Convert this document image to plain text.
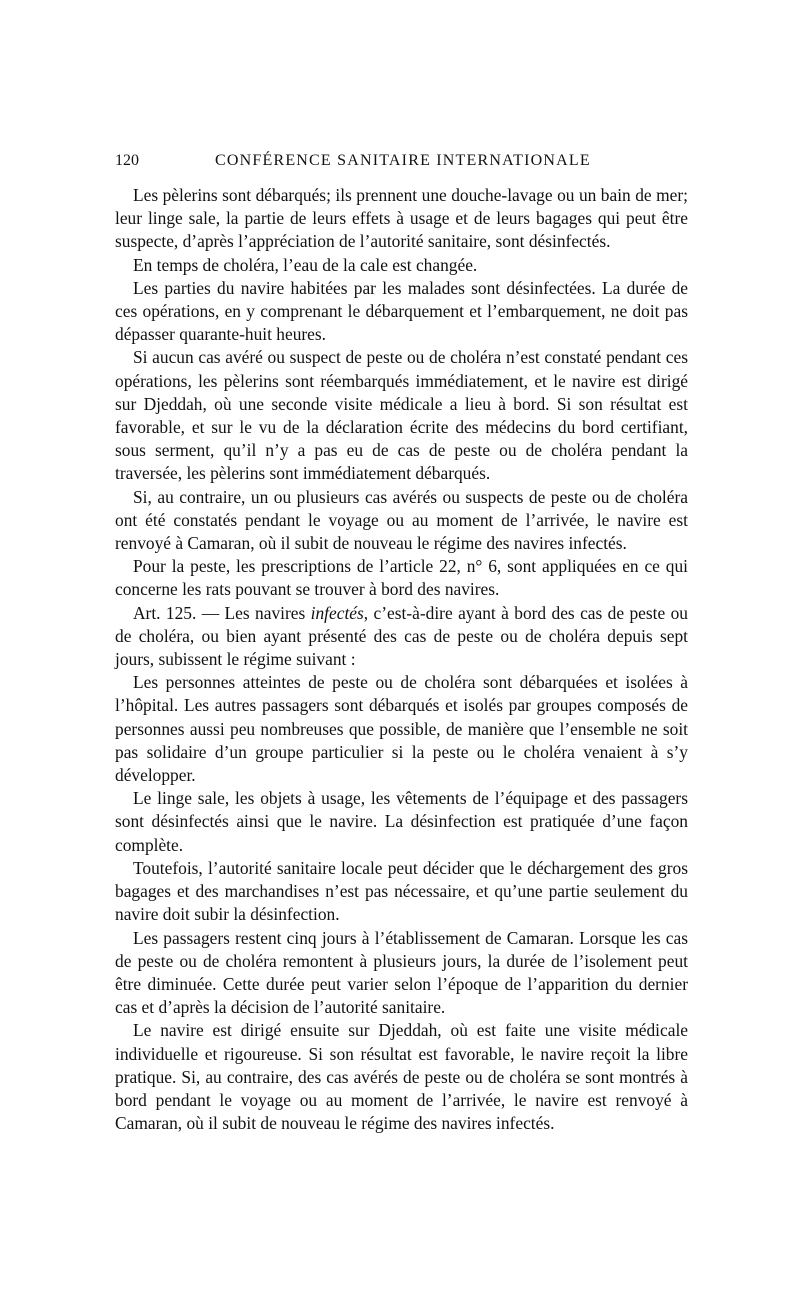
120	CONFÉRENCE SANITAIRE INTERNATIONALE

Les pèlerins sont débarqués; ils prennent une douche-lavage ou un bain de mer; leur linge sale, la partie de leurs effets à usage et de leurs bagages qui peut être suspecte, d’après l’appréciation de l’autorité sanitaire, sont désinfectés.

En temps de choléra, l’eau de la cale est changée.

Les parties du navire habitées par les malades sont désinfectées. La durée de ces opérations, en y comprenant le débarquement et l’embarquement, ne doit pas dépasser quarante-huit heures.

Si aucun cas avéré ou suspect de peste ou de choléra n’est constaté pendant ces opérations, les pèlerins sont réembarqués immédiatement, et le navire est dirigé sur Djeddah, où une seconde visite médicale a lieu à bord. Si son résultat est favorable, et sur le vu de la déclaration écrite des médecins du bord certifiant, sous serment, qu’il n’y a pas eu de cas de peste ou de choléra pendant la traversée, les pèlerins sont immédiatement débarqués.

Si, au contraire, un ou plusieurs cas avérés ou suspects de peste ou de choléra ont été constatés pendant le voyage ou au moment de l’arrivée, le navire est renvoyé à Camaran, où il subit de nouveau le régime des navires infectés.

Pour la peste, les prescriptions de l’article 22, n° 6, sont appliquées en ce qui concerne les rats pouvant se trouver à bord des navires.

Art. 125. — Les navires infectés, c’est-à-dire ayant à bord des cas de peste ou de choléra, ou bien ayant présenté des cas de peste ou de choléra depuis sept jours, subissent le régime suivant :

Les personnes atteintes de peste ou de choléra sont débarquées et isolées à l’hôpital. Les autres passagers sont débarqués et isolés par groupes composés de personnes aussi peu nombreuses que possible, de manière que l’ensemble ne soit pas solidaire d’un groupe particulier si la peste ou le choléra venaient à s’y développer.

Le linge sale, les objets à usage, les vêtements de l’équipage et des passagers sont désinfectés ainsi que le navire. La désinfection est pratiquée d’une façon complète.

Toutefois, l’autorité sanitaire locale peut décider que le déchargement des gros bagages et des marchandises n’est pas nécessaire, et qu’une partie seulement du navire doit subir la désinfection.

Les passagers restent cinq jours à l’établissement de Camaran. Lorsque les cas de peste ou de choléra remontent à plusieurs jours, la durée de l’isolement peut être diminuée. Cette durée peut varier selon l’époque de l’apparition du dernier cas et d’après la décision de l’autorité sanitaire.

Le navire est dirigé ensuite sur Djeddah, où est faite une visite médicale individuelle et rigoureuse. Si son résultat est favorable, le navire reçoit la libre pratique. Si, au contraire, des cas avérés de peste ou de choléra se sont montrés à bord pendant le voyage ou au moment de l’arrivée, le navire est renvoyé à Camaran, où il subit de nouveau le régime des navires infectés.
